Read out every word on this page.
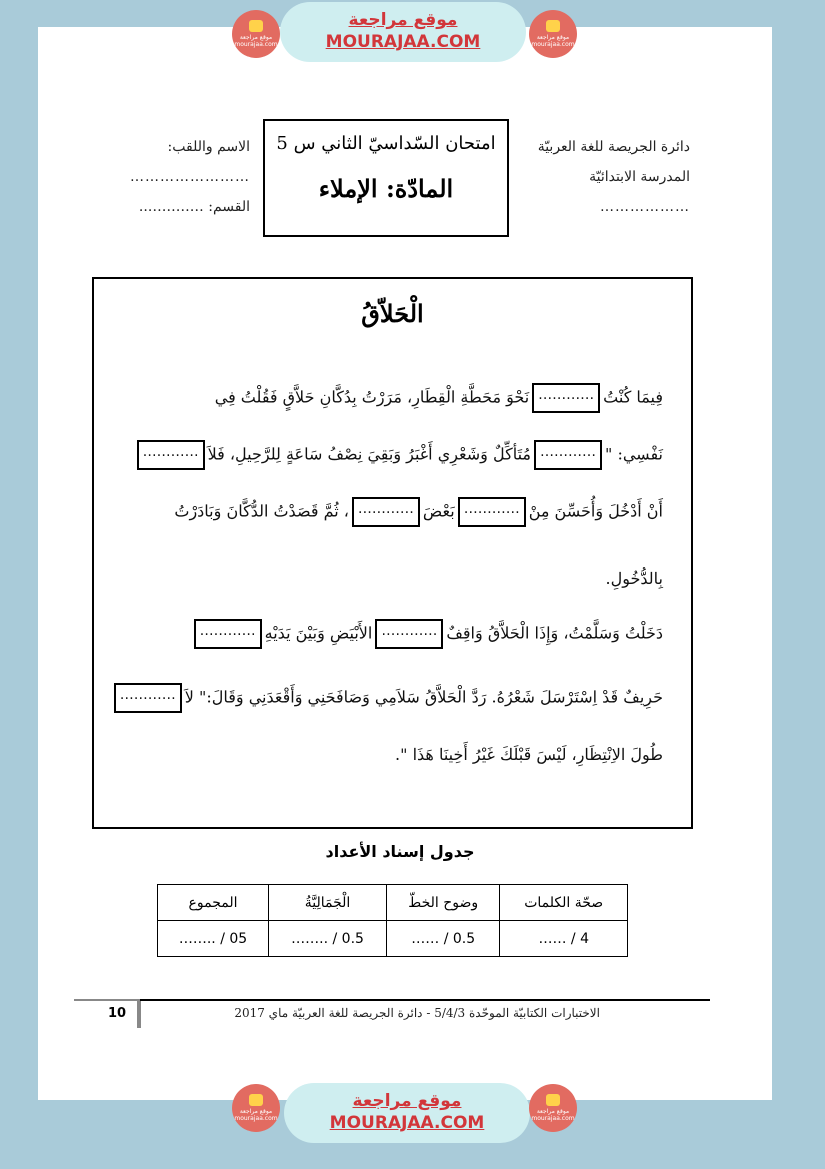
موقع مراجعة
mourajaa.com
موقع مراجعة
MOURAJAA.COM	موقع مراجعة
mourajaa.com
دائرة الجريصة للغة العربيّة
المدرسة الابتدائيّة
………………
امتحان السّداسيّ الثاني س 5
المادّة: الإملاء
الاسم واللقب:
……………………
القسم: …………..
الْحَلاّقُ
فِيمَا كُنْتُ…………نَحْوَ مَحَطَّةِ الْقِطَارِ، مَرَرْتُ بِدُكَّانِ حَلاَّقٍ فَقُلْتُ فِي
نَفْسِي: "…………مُتَأكِّلٌ وَشَعْرِي أَغْبَرُ وَبَقِيَ نِصْفُ سَاعَةٍ لِلرَّحِيلِ، فَلاَ…………
أَنْ أَدْخُلَ وَأُحَسِّنَ مِنْ…………بَعْضَ…………، ثُمَّ قَصَدْتُ الدُّكَّانَ وَبَادَرْتُ
بِالدُّخُولِ.
دَخَلْتُ وَسَلَّمْتُ، وَإِذَا الْحَلاَّقُ وَاقِفٌ…………الأَبْيَضِ وَبَيْنَ يَدَيْهِ…………
حَرِيفٌ قَدْ اِسْتَرْسَلَ شَعْرُهُ. رَدَّ الْحَلاَّقُ سَلاَمِي وَصَافَحَنِي وَأَقْعَدَنِي وَقَالَ:" لاَ…………
طُولَ الاِنْتِظَارِ، لَيْسَ قَبْلَكَ غَيْرُ أَخِينَا هَذَا ".
جدول إسناد الأعداد
صحّة الكلمات	وضوح الخطّ	الْجَمَالِيَّةُ	المجموع
…… / 4	…… / 0.5	…….. / 0.5	…….. / 05
10	الاختبارات الكتابيّة الموحّدة 5/4/3 - دائرة الجريصة للغة العربيّة ماي 2017
موقع مراجعة
mourajaa.com
موقع مراجعة
MOURAJAA.COM
موقع مراجعة
mourajaa.com
